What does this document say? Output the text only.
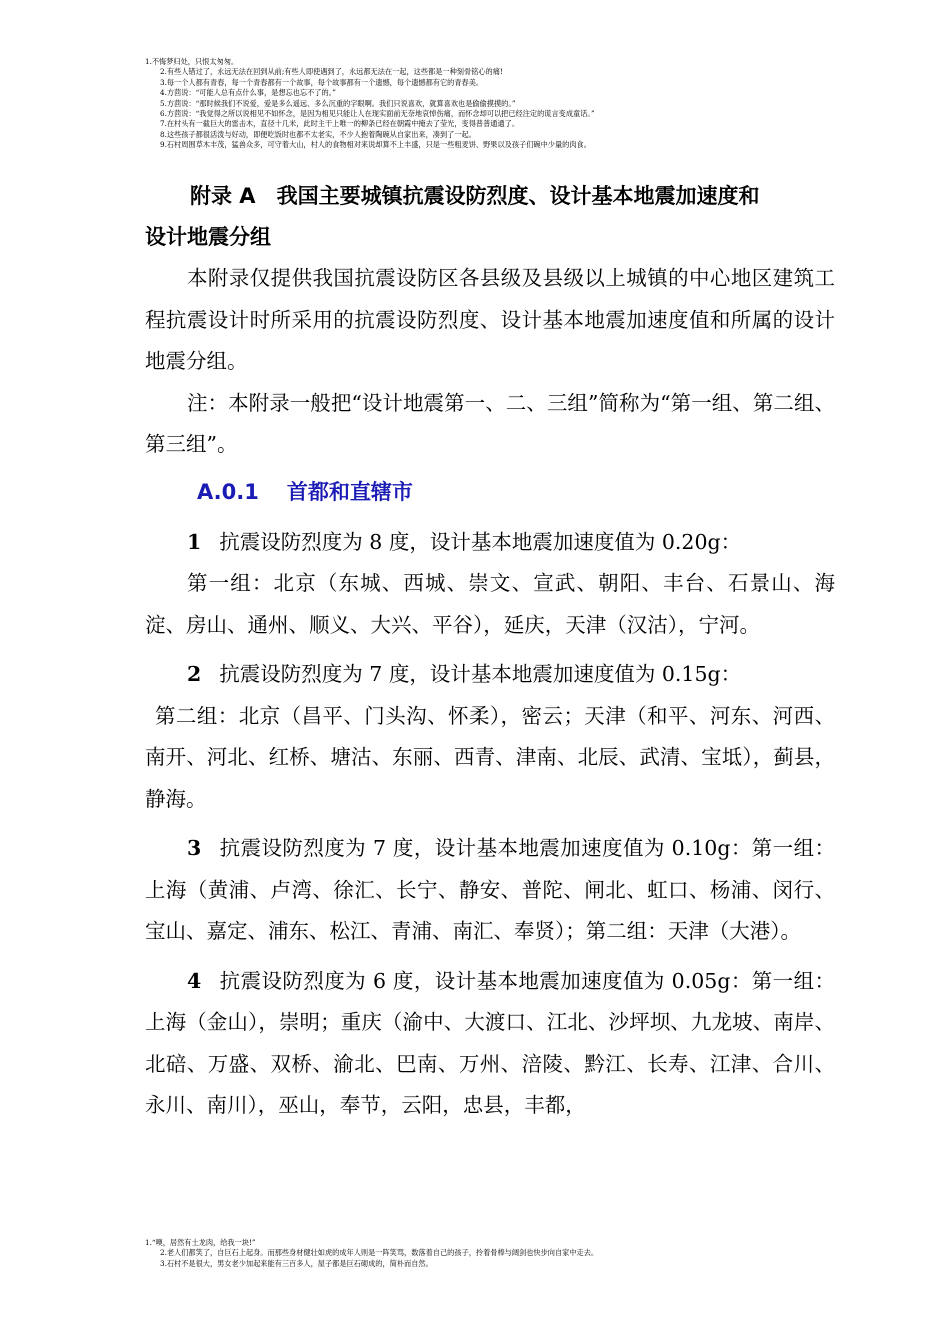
1.不悔梦归处，只恨太匆匆。
2.有些人错过了，永远无法在回到从前;有些人即使遇到了，永远都无法在一起，这些都是一种刻骨铭心的痛!
3.每一个人都有青春，每一个青春都有一个故事，每个故事都有一个遗憾，每个遗憾都有它的青春美。
4.方茴说：“可能人总有点什么事，是想忘也忘不了的。”
5.方茴说：“那时候我们不说爱，爱是多么遥远、多么沉重的字眼啊。我们只说喜欢，就算喜欢也是偷偷摸摸的。”
6.方茴说：“我觉得之所以说相见不如怀念，是因为相见只能让人在现实面前无奈地哀悼伤痛，而怀念却可以把已经注定的谎言变成童话。”
7.在村头有一截巨大的雷击木，直径十几米，此时主干上唯一的柳条已经在朝霞中掩去了莹光，变得普普通通了。
8.这些孩子都很活泼与好动，即便吃饭时也都不太老实，不少人抱着陶碗从自家出来，凑到了一起。
9.石村周围草木丰茂，猛兽众多，可守着大山，村人的食物相对来说却算不上丰盛，只是一些粗麦饼、野果以及孩子们碗中少量的肉食。
附录 A　我国主要城镇抗震设防烈度、设计基本地震加速度和
设计地震分组

本附录仅提供我国抗震设防区各县级及县级以上城镇的中心地区建筑工程抗震设计时所采用的抗震设防烈度、设计基本地震加速度值和所属的设计地震分组。

注：本附录一般把“设计地震第一、二、三组”简称为“第一组、第二组、第三组”。

A.0.1 首都和直辖市

1 抗震设防烈度为 8 度，设计基本地震加速度值为 0.20g：

第一组：北京（东城、西城、崇文、宣武、朝阳、丰台、石景山、海淀、房山、通州、顺义、大兴、平谷），延庆，天津（汉沽），宁河。

2 抗震设防烈度为 7 度，设计基本地震加速度值为 0.15g：

第二组：北京（昌平、门头沟、怀柔），密云；天津（和平、河东、河西、南开、河北、红桥、塘沽、东丽、西青、津南、北辰、武清、宝坻），蓟县，静海。

3 抗震设防烈度为 7 度，设计基本地震加速度值为 0.10g：第一组：上海（黄浦、卢湾、徐汇、长宁、静安、普陀、闸北、虹口、杨浦、闵行、宝山、嘉定、浦东、松江、青浦、南汇、奉贤）；第二组：天津（大港）。

4 抗震设防烈度为 6 度，设计基本地震加速度值为 0.05g：第一组：上海（金山），崇明；重庆（渝中、大渡口、江北、沙坪坝、九龙坡、南岸、北碚、万盛、双桥、渝北、巴南、万州、涪陵、黔江、长寿、江津、合川、永川、南川），巫山，奉节，云阳，忠县，丰都，

1.“噢，居然有土龙肉，给我一块!”
2.老人们都笑了，自巨石上起身。而那些身材健壮如虎的成年人则是一阵笑骂，数落着自己的孩子，拎着骨棒与阔剑也快步向自家中走去。
3.石村不是很大，男女老少加起来能有三百多人，屋子都是巨石砌成的，简朴而自然。
